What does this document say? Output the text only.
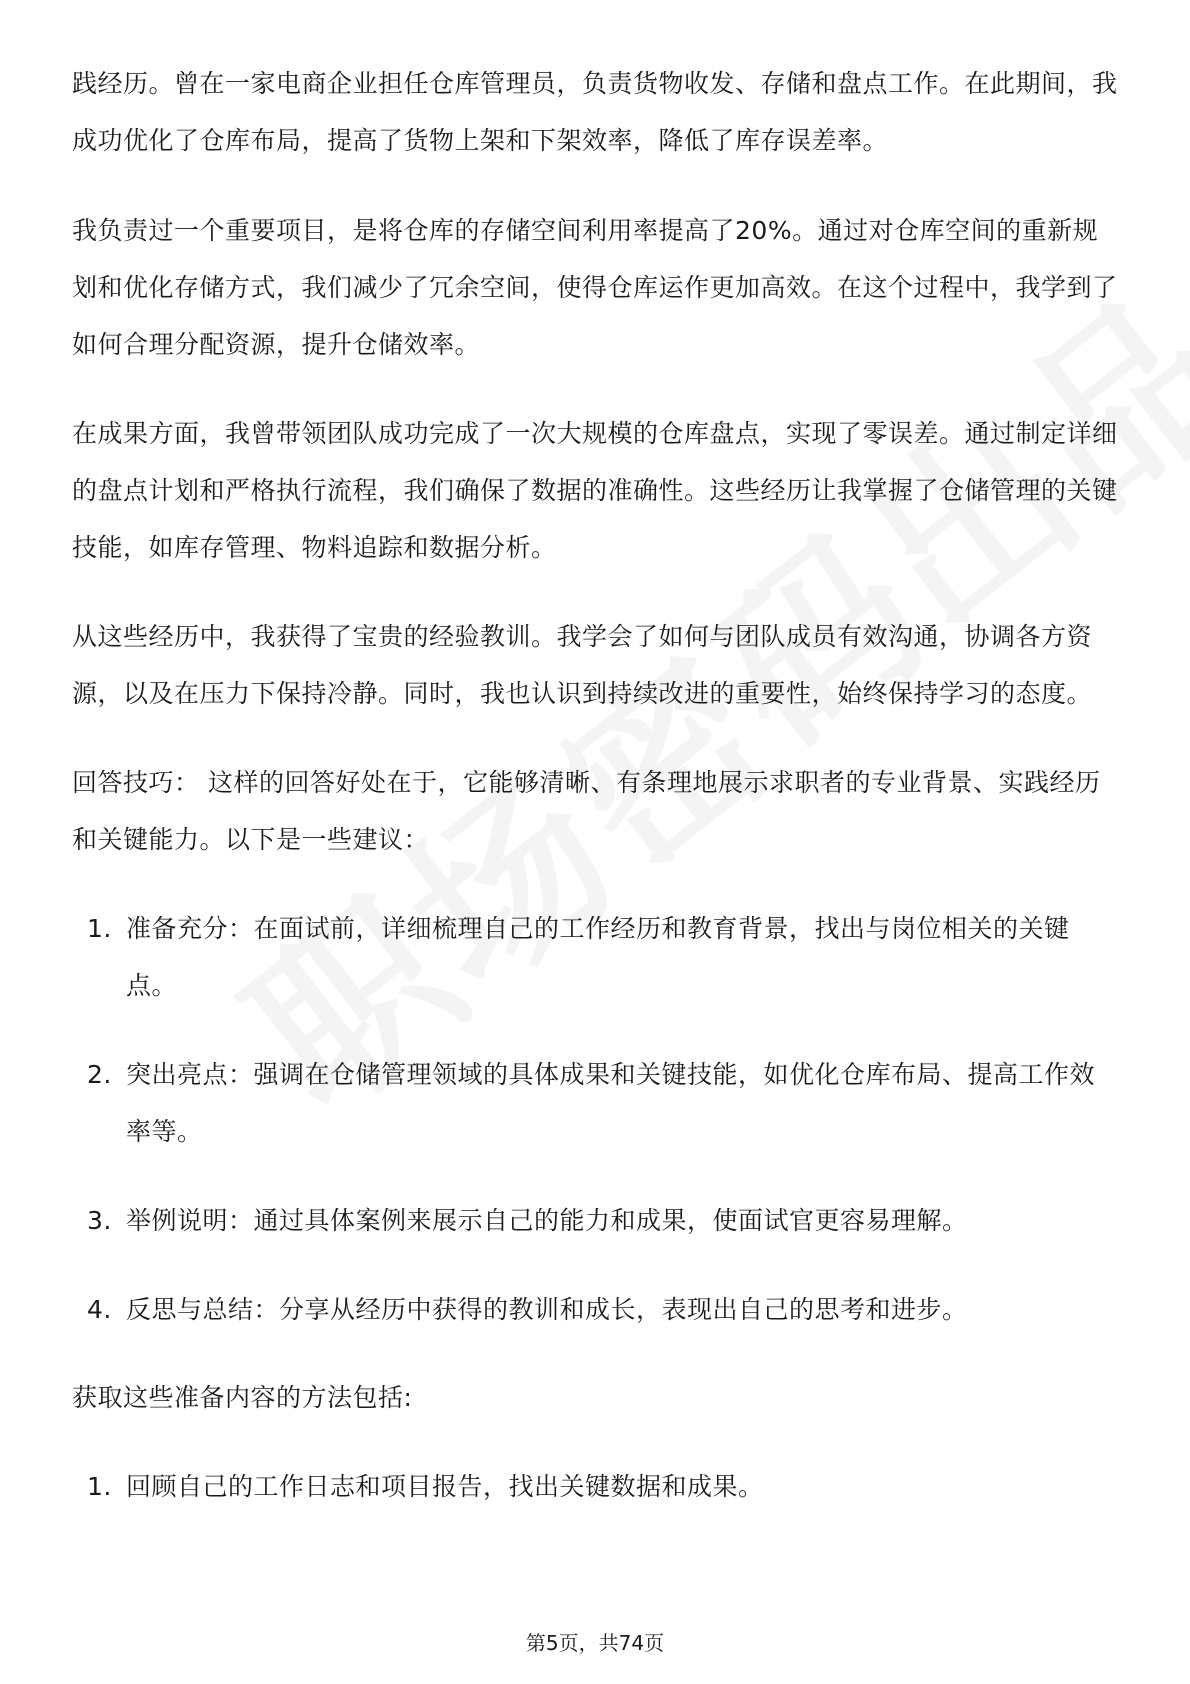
践经历。曾在一家电商企业担任仓库管理员，负责货物收发、存储和盘点工作。在此期间，我成功优化了仓库布局，提高了货物上架和下架效率，降低了库存误差率。

我负责过一个重要项目，是将仓库的存储空间利用率提高了20%。通过对仓库空间的重新规划和优化存储方式，我们减少了冗余空间，使得仓库运作更加高效。在这个过程中，我学到了如何合理分配资源，提升仓储效率。

在成果方面，我曾带领团队成功完成了一次大规模的仓库盘点，实现了零误差。通过制定详细的盘点计划和严格执行流程，我们确保了数据的准确性。这些经历让我掌握了仓储管理的关键技能，如库存管理、物料追踪和数据分析。

从这些经历中，我获得了宝贵的经验教训。我学会了如何与团队成员有效沟通，协调各方资源，以及在压力下保持冷静。同时，我也认识到持续改进的重要性，始终保持学习的态度。

回答技巧： 这样的回答好处在于，它能够清晰、有条理地展示求职者的专业背景、实践经历和关键能力。以下是一些建议：

1. 准备充分：在面试前，详细梳理自己的工作经历和教育背景，找出与岗位相关的关键点。
2. 突出亮点：强调在仓储管理领域的具体成果和关键技能，如优化仓库布局、提高工作效率等。
3. 举例说明：通过具体案例来展示自己的能力和成果，使面试官更容易理解。
4. 反思与总结：分享从经历中获得的教训和成长，表现出自己的思考和进步。

获取这些准备内容的方法包括:

1. 回顾自己的工作日志和项目报告，找出关键数据和成果。
第5页，共74页
